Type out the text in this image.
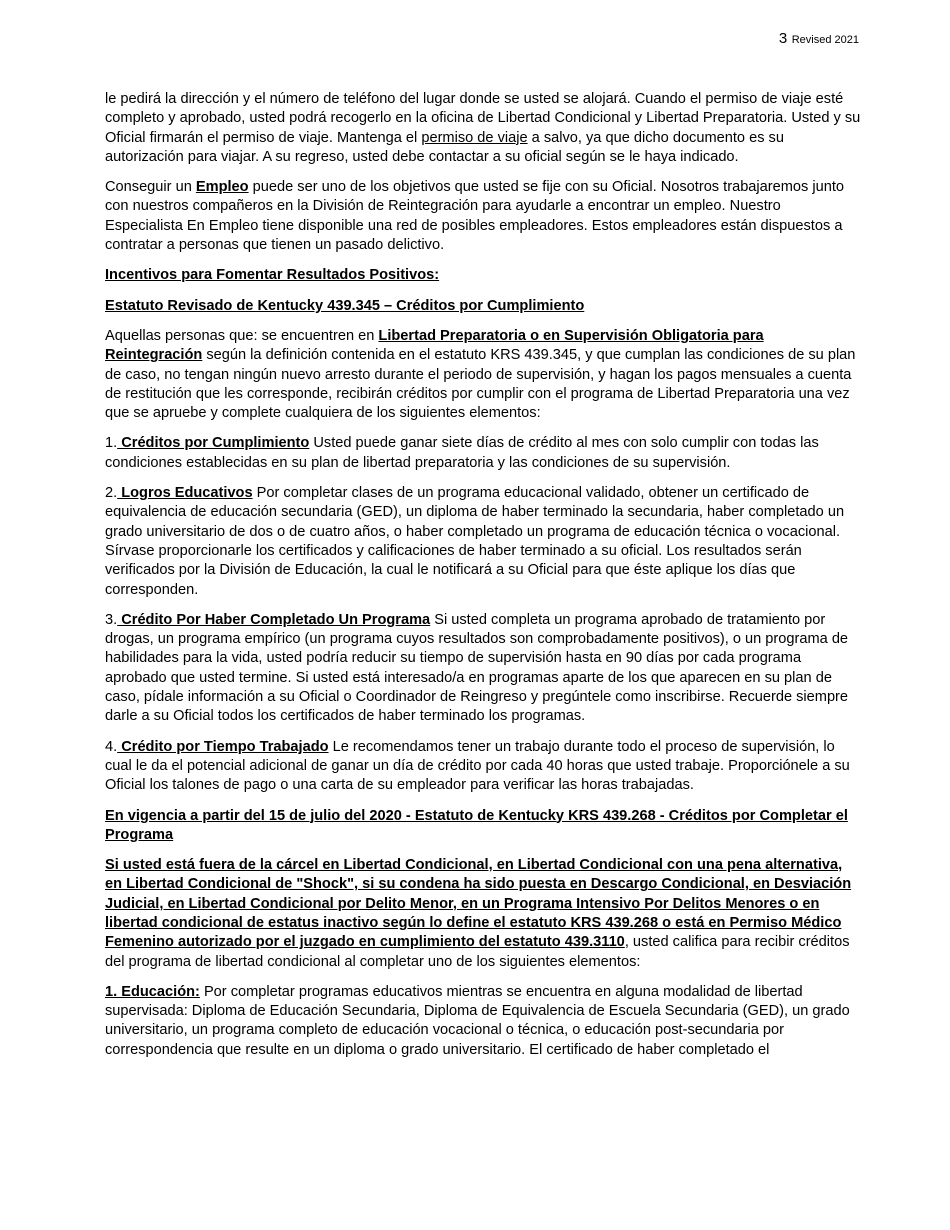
3 Revised 2021

le pedirá la dirección y el número de teléfono del lugar donde se usted se alojará. Cuando el permiso de viaje esté completo y aprobado, usted podrá recogerlo en la oficina de Libertad Condicional y Libertad Preparatoria. Usted y su Oficial firmarán el permiso de viaje. Mantenga el permiso de viaje a salvo, ya que dicho documento es su autorización para viajar. A su regreso, usted debe contactar a su oficial según se le haya indicado.

Conseguir un Empleo puede ser uno de los objetivos que usted se fije con su Oficial. Nosotros trabajaremos junto con nuestros compañeros en la División de Reintegración para ayudarle a encontrar un empleo. Nuestro Especialista En Empleo tiene disponible una red de posibles empleadores. Estos empleadores están dispuestos a contratar a personas que tienen un pasado delictivo.

Incentivos para Fomentar Resultados Positivos:

Estatuto Revisado de Kentucky 439.345 – Créditos por Cumplimiento

Aquellas personas que: se encuentren en Libertad Preparatoria o en Supervisión Obligatoria para Reintegración según la definición contenida en el estatuto KRS 439.345, y que cumplan las condiciones de su plan de caso, no tengan ningún nuevo arresto durante el periodo de supervisión, y hagan los pagos mensuales a cuenta de restitución que les corresponde, recibirán créditos por cumplir con el programa de Libertad Preparatoria una vez que se apruebe y complete cualquiera de los siguientes elementos:

1. Créditos por Cumplimiento Usted puede ganar siete días de crédito al mes con solo cumplir con todas las condiciones establecidas en su plan de libertad preparatoria y las condiciones de su supervisión.

2. Logros Educativos Por completar clases de un programa educacional validado, obtener un certificado de equivalencia de educación secundaria (GED), un diploma de haber terminado la secundaria, haber completado un grado universitario de dos o de cuatro años, o haber completado un programa de educación técnica o vocacional. Sírvase proporcionarle los certificados y calificaciones de haber terminado a su oficial. Los resultados serán verificados por la División de Educación, la cual le notificará a su Oficial para que éste aplique los días que corresponden.

3. Crédito Por Haber Completado Un Programa Si usted completa un programa aprobado de tratamiento por drogas, un programa empírico (un programa cuyos resultados son comprobadamente positivos), o un programa de habilidades para la vida, usted podría reducir su tiempo de supervisión hasta en 90 días por cada programa aprobado que usted termine. Si usted está interesado/a en programas aparte de los que aparecen en su plan de caso, pídale información a su Oficial o Coordinador de Reingreso y pregúntele como inscribirse. Recuerde siempre darle a su Oficial todos los certificados de haber terminado los programas.

4. Crédito por Tiempo Trabajado Le recomendamos tener un trabajo durante todo el proceso de supervisión, lo cual le da el potencial adicional de ganar un día de crédito por cada 40 horas que usted trabaje. Proporciónele a su Oficial los talones de pago o una carta de su empleador para verificar las horas trabajadas.

En vigencia a partir del 15 de julio del 2020 - Estatuto de Kentucky KRS 439.268 - Créditos por Completar el Programa

Si usted está fuera de la cárcel en Libertad Condicional, en Libertad Condicional con una pena alternativa, en Libertad Condicional de "Shock", si su condena ha sido puesta en Descargo Condicional, en Desviación Judicial, en Libertad Condicional por Delito Menor, en un Programa Intensivo Por Delitos Menores o en libertad condicional de estatus inactivo según lo define el estatuto KRS 439.268 o está en Permiso Médico Femenino autorizado por el juzgado en cumplimiento del estatuto 439.3110, usted califica para recibir créditos del programa de libertad condicional al completar uno de los siguientes elementos:

1. Educación: Por completar programas educativos mientras se encuentra en alguna modalidad de libertad supervisada: Diploma de Educación Secundaria, Diploma de Equivalencia de Escuela Secundaria (GED), un grado universitario, un programa completo de educación vocacional o técnica, o educación post-secundaria por correspondencia que resulte en un diploma o grado universitario. El certificado de haber completado el
